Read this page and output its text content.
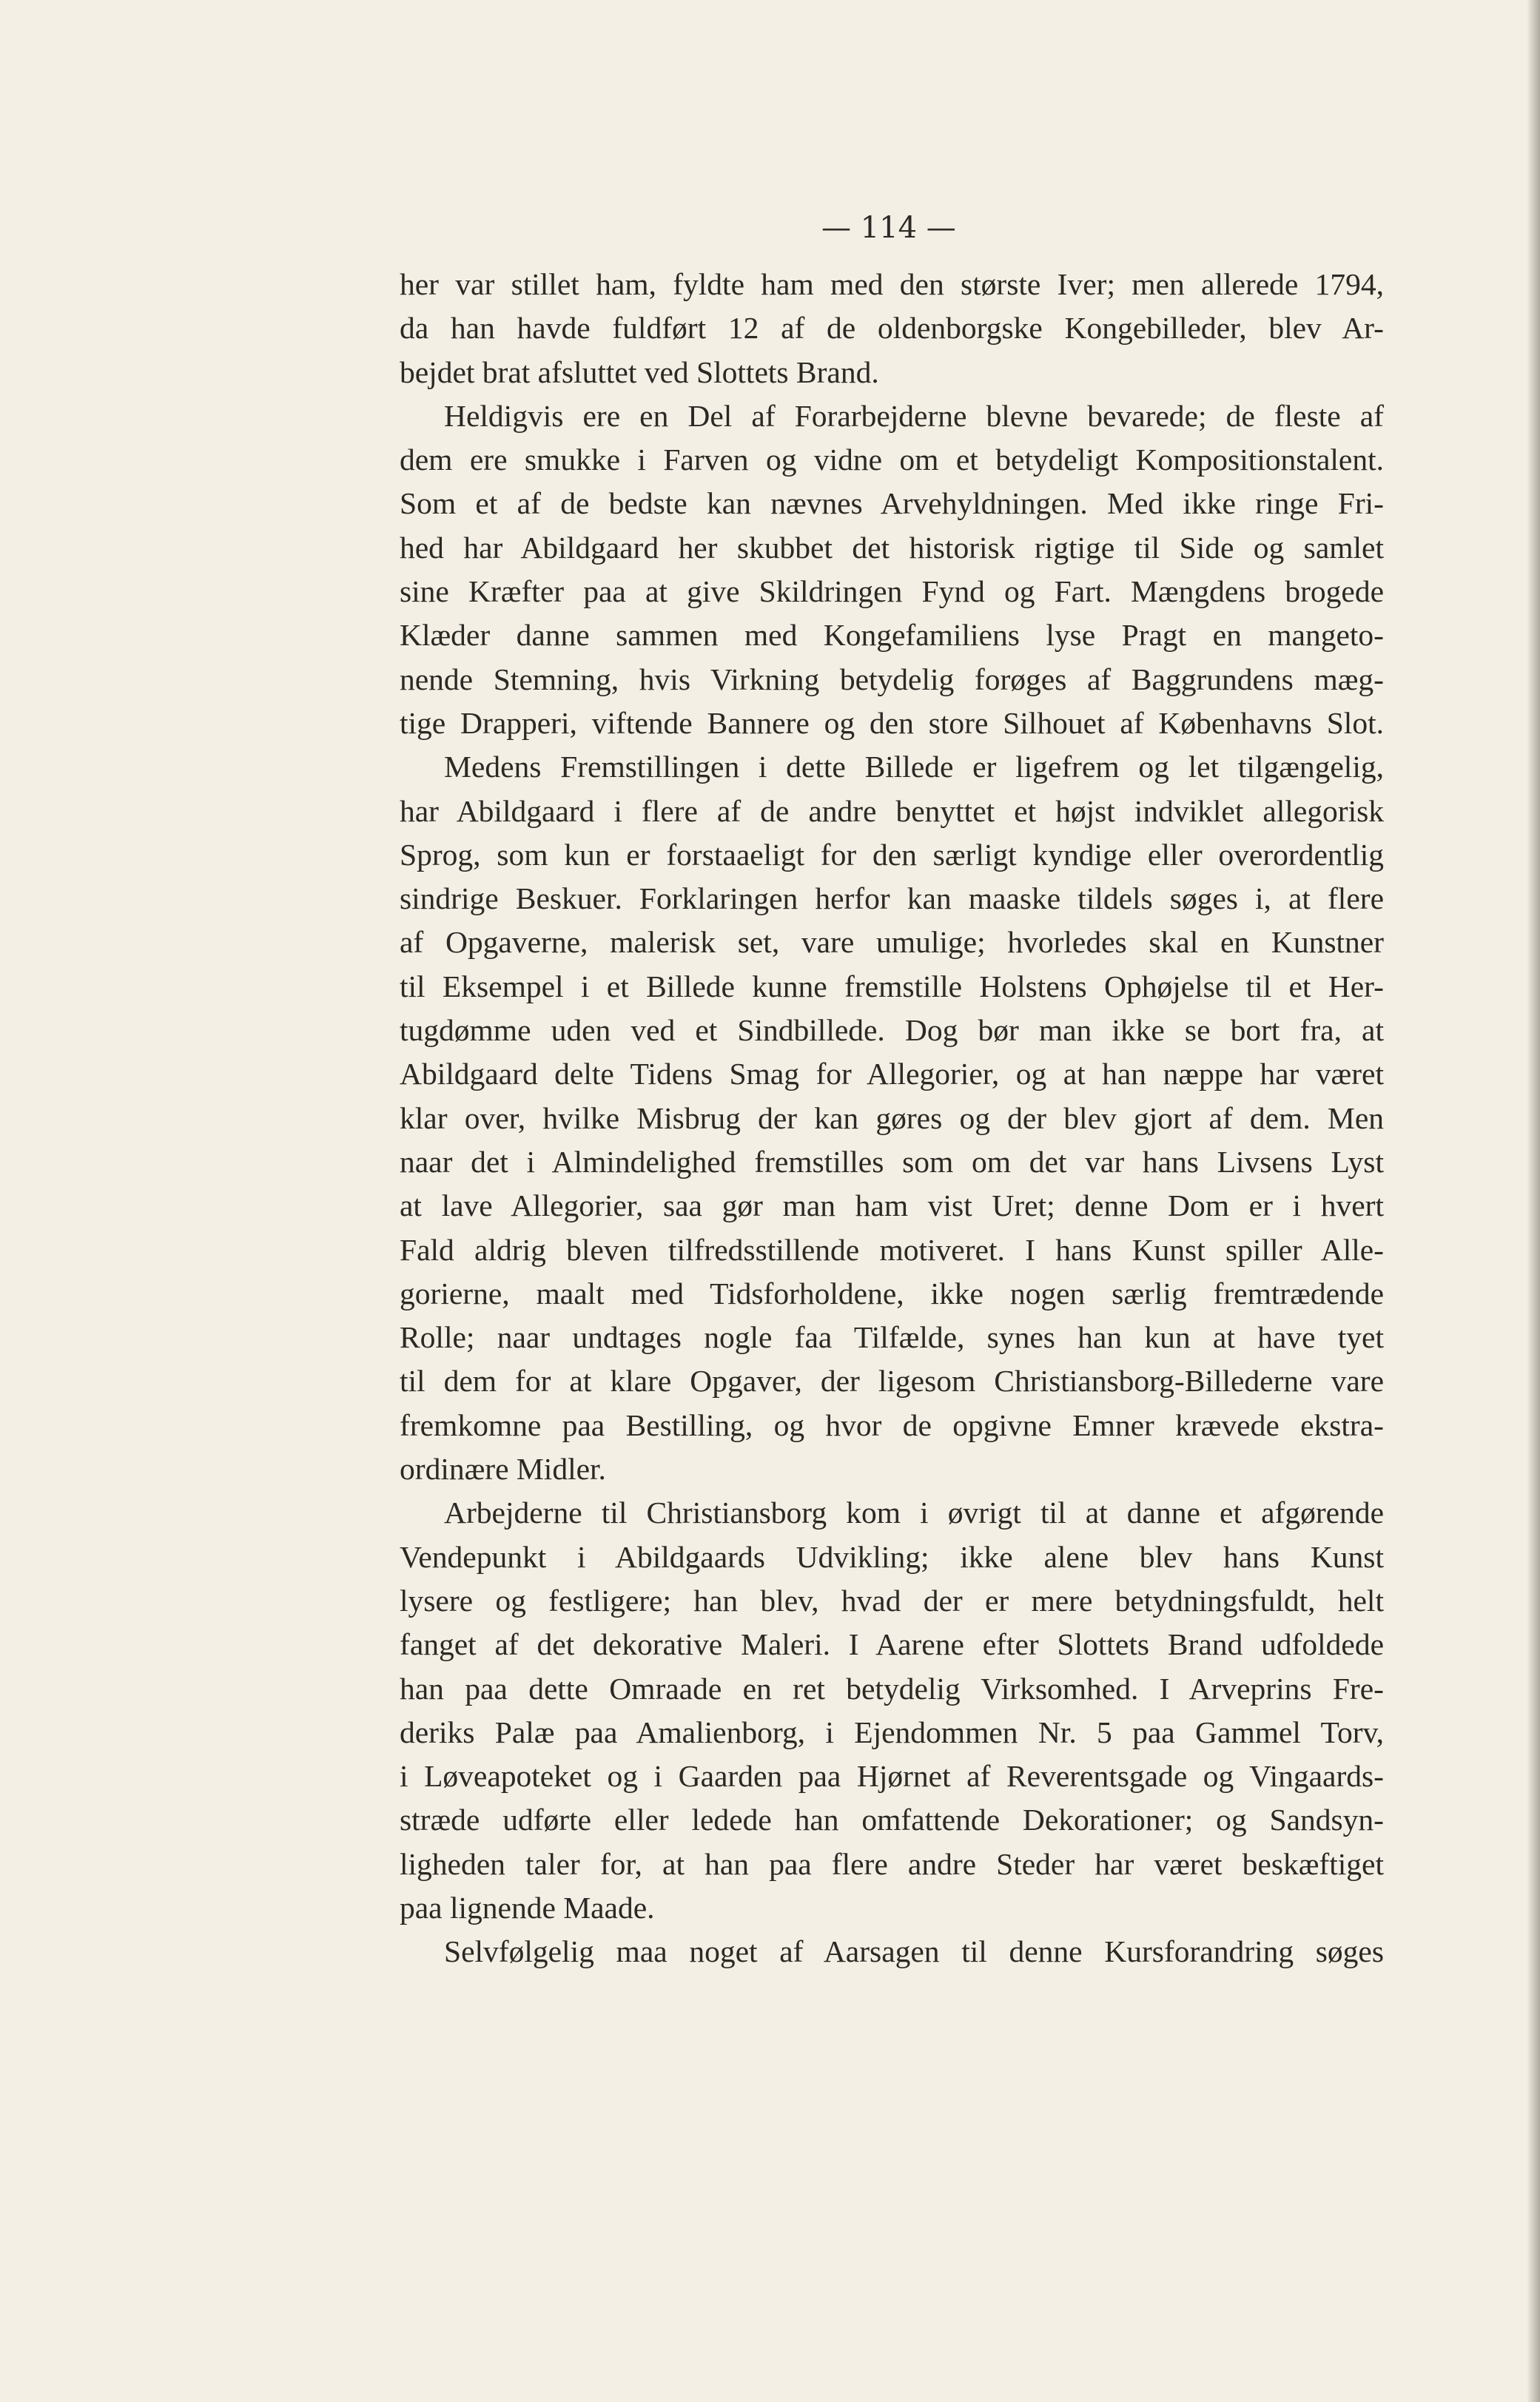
— 114 —
her var stillet ham, fyldte ham med den største Iver; men allerede 1794,
da han havde fuldført 12 af de oldenborgske Kongebilleder, blev Ar-
bejdet brat afsluttet ved Slottets Brand.
Heldigvis ere en Del af Forarbejderne blevne bevarede; de fleste af
dem ere smukke i Farven og vidne om et betydeligt Kompositionstalent.
Som et af de bedste kan nævnes Arvehyldningen. Med ikke ringe Fri-
hed har Abildgaard her skubbet det historisk rigtige til Side og samlet
sine Kræfter paa at give Skildringen Fynd og Fart. Mængdens brogede
Klæder danne sammen med Kongefamiliens lyse Pragt en mangeto-
nende Stemning, hvis Virkning betydelig forøges af Baggrundens mæg-
tige Drapperi, viftende Bannere og den store Silhouet af Københavns Slot.
Medens Fremstillingen i dette Billede er ligefrem og let tilgængelig,
har Abildgaard i flere af de andre benyttet et højst indviklet allegorisk
Sprog, som kun er forstaaeligt for den særligt kyndige eller overordentlig
sindrige Beskuer. Forklaringen herfor kan maaske tildels søges i, at flere
af Opgaverne, malerisk set, vare umulige; hvorledes skal en Kunstner
til Eksempel i et Billede kunne fremstille Holstens Ophøjelse til et Her-
tugdømme uden ved et Sindbillede. Dog bør man ikke se bort fra, at
Abildgaard delte Tidens Smag for Allegorier, og at han næppe har været
klar over, hvilke Misbrug der kan gøres og der blev gjort af dem. Men
naar det i Almindelighed fremstilles som om det var hans Livsens Lyst
at lave Allegorier, saa gør man ham vist Uret; denne Dom er i hvert
Fald aldrig bleven tilfredsstillende motiveret. I hans Kunst spiller Alle-
gorierne, maalt med Tidsforholdene, ikke nogen særlig fremtrædende
Rolle; naar undtages nogle faa Tilfælde, synes han kun at have tyet
til dem for at klare Opgaver, der ligesom Christiansborg-Billederne vare
fremkomne paa Bestilling, og hvor de opgivne Emner krævede ekstra-
ordinære Midler.
Arbejderne til Christiansborg kom i øvrigt til at danne et afgørende
Vendepunkt i Abildgaards Udvikling; ikke alene blev hans Kunst
lysere og festligere; han blev, hvad der er mere betydningsfuldt, helt
fanget af det dekorative Maleri. I Aarene efter Slottets Brand udfoldede
han paa dette Omraade en ret betydelig Virksomhed. I Arveprins Fre-
deriks Palæ paa Amalienborg, i Ejendommen Nr. 5 paa Gammel Torv,
i Løveapoteket og i Gaarden paa Hjørnet af Reverentsgade og Vingaards-
stræde udførte eller ledede han omfattende Dekorationer; og Sandsyn-
ligheden taler for, at han paa flere andre Steder har været beskæftiget
paa lignende Maade.
Selvfølgelig maa noget af Aarsagen til denne Kursforandring søges
